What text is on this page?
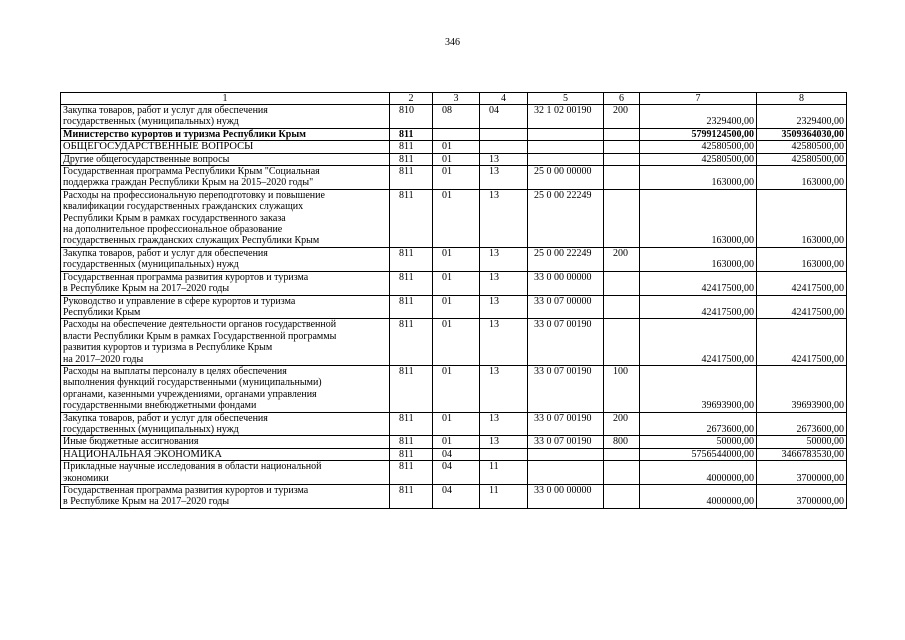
346
1	2	3	4	5	6	7	8
Закупка товаров, работ и услуг для обеспечения
государственных (муниципальных) нужд	810	08	04	32 1 02 00190	200	2329400,00	2329400,00
Министерство курортов и туризма Республики Крым	811					5799124500,00	3509364030,00
ОБЩЕГОСУДАРСТВЕННЫЕ ВОПРОСЫ	811	01				42580500,00	42580500,00
Другие общегосударственные вопросы	811	01	13			42580500,00	42580500,00
Государственная программа Республики Крым "Социальная
поддержка граждан Республики Крым на 2015–2020 годы"	811	01	13	25 0 00 00000		163000,00	163000,00
Расходы на профессиональную переподготовку и повышение
квалификации государственных гражданских служащих
Республики Крым в рамках государственного заказа
на дополнительное профессиональное образование
государственных гражданских служащих Республики Крым	811	01	13	25 0 00 22249		163000,00	163000,00
Закупка товаров, работ и услуг для обеспечения
государственных (муниципальных) нужд	811	01	13	25 0 00 22249	200	163000,00	163000,00
Государственная программа развития курортов и туризма
в Республике Крым на 2017–2020 годы	811	01	13	33 0 00 00000		42417500,00	42417500,00
Руководство и управление в сфере курортов и туризма
Республики Крым	811	01	13	33 0 07 00000		42417500,00	42417500,00
Расходы на обеспечение деятельности органов государственной
власти Республики Крым в рамках Государственной программы
развития курортов и туризма в Республике Крым
на 2017–2020 годы	811	01	13	33 0 07 00190		42417500,00	42417500,00
Расходы на выплаты персоналу в целях обеспечения
выполнения функций государственными (муниципальными)
органами, казенными учреждениями, органами управления
государственными внебюджетными фондами	811	01	13	33 0 07 00190	100	39693900,00	39693900,00
Закупка товаров, работ и услуг для обеспечения
государственных (муниципальных) нужд	811	01	13	33 0 07 00190	200	2673600,00	2673600,00
Иные бюджетные ассигнования	811	01	13	33 0 07 00190	800	50000,00	50000,00
НАЦИОНАЛЬНАЯ ЭКОНОМИКА	811	04				5756544000,00	3466783530,00
Прикладные научные исследования в области национальной
экономики	811	04	11			4000000,00	3700000,00
Государственная программа развития курортов и туризма
в Республике Крым на 2017–2020 годы	811	04	11	33 0 00 00000		4000000,00	3700000,00
